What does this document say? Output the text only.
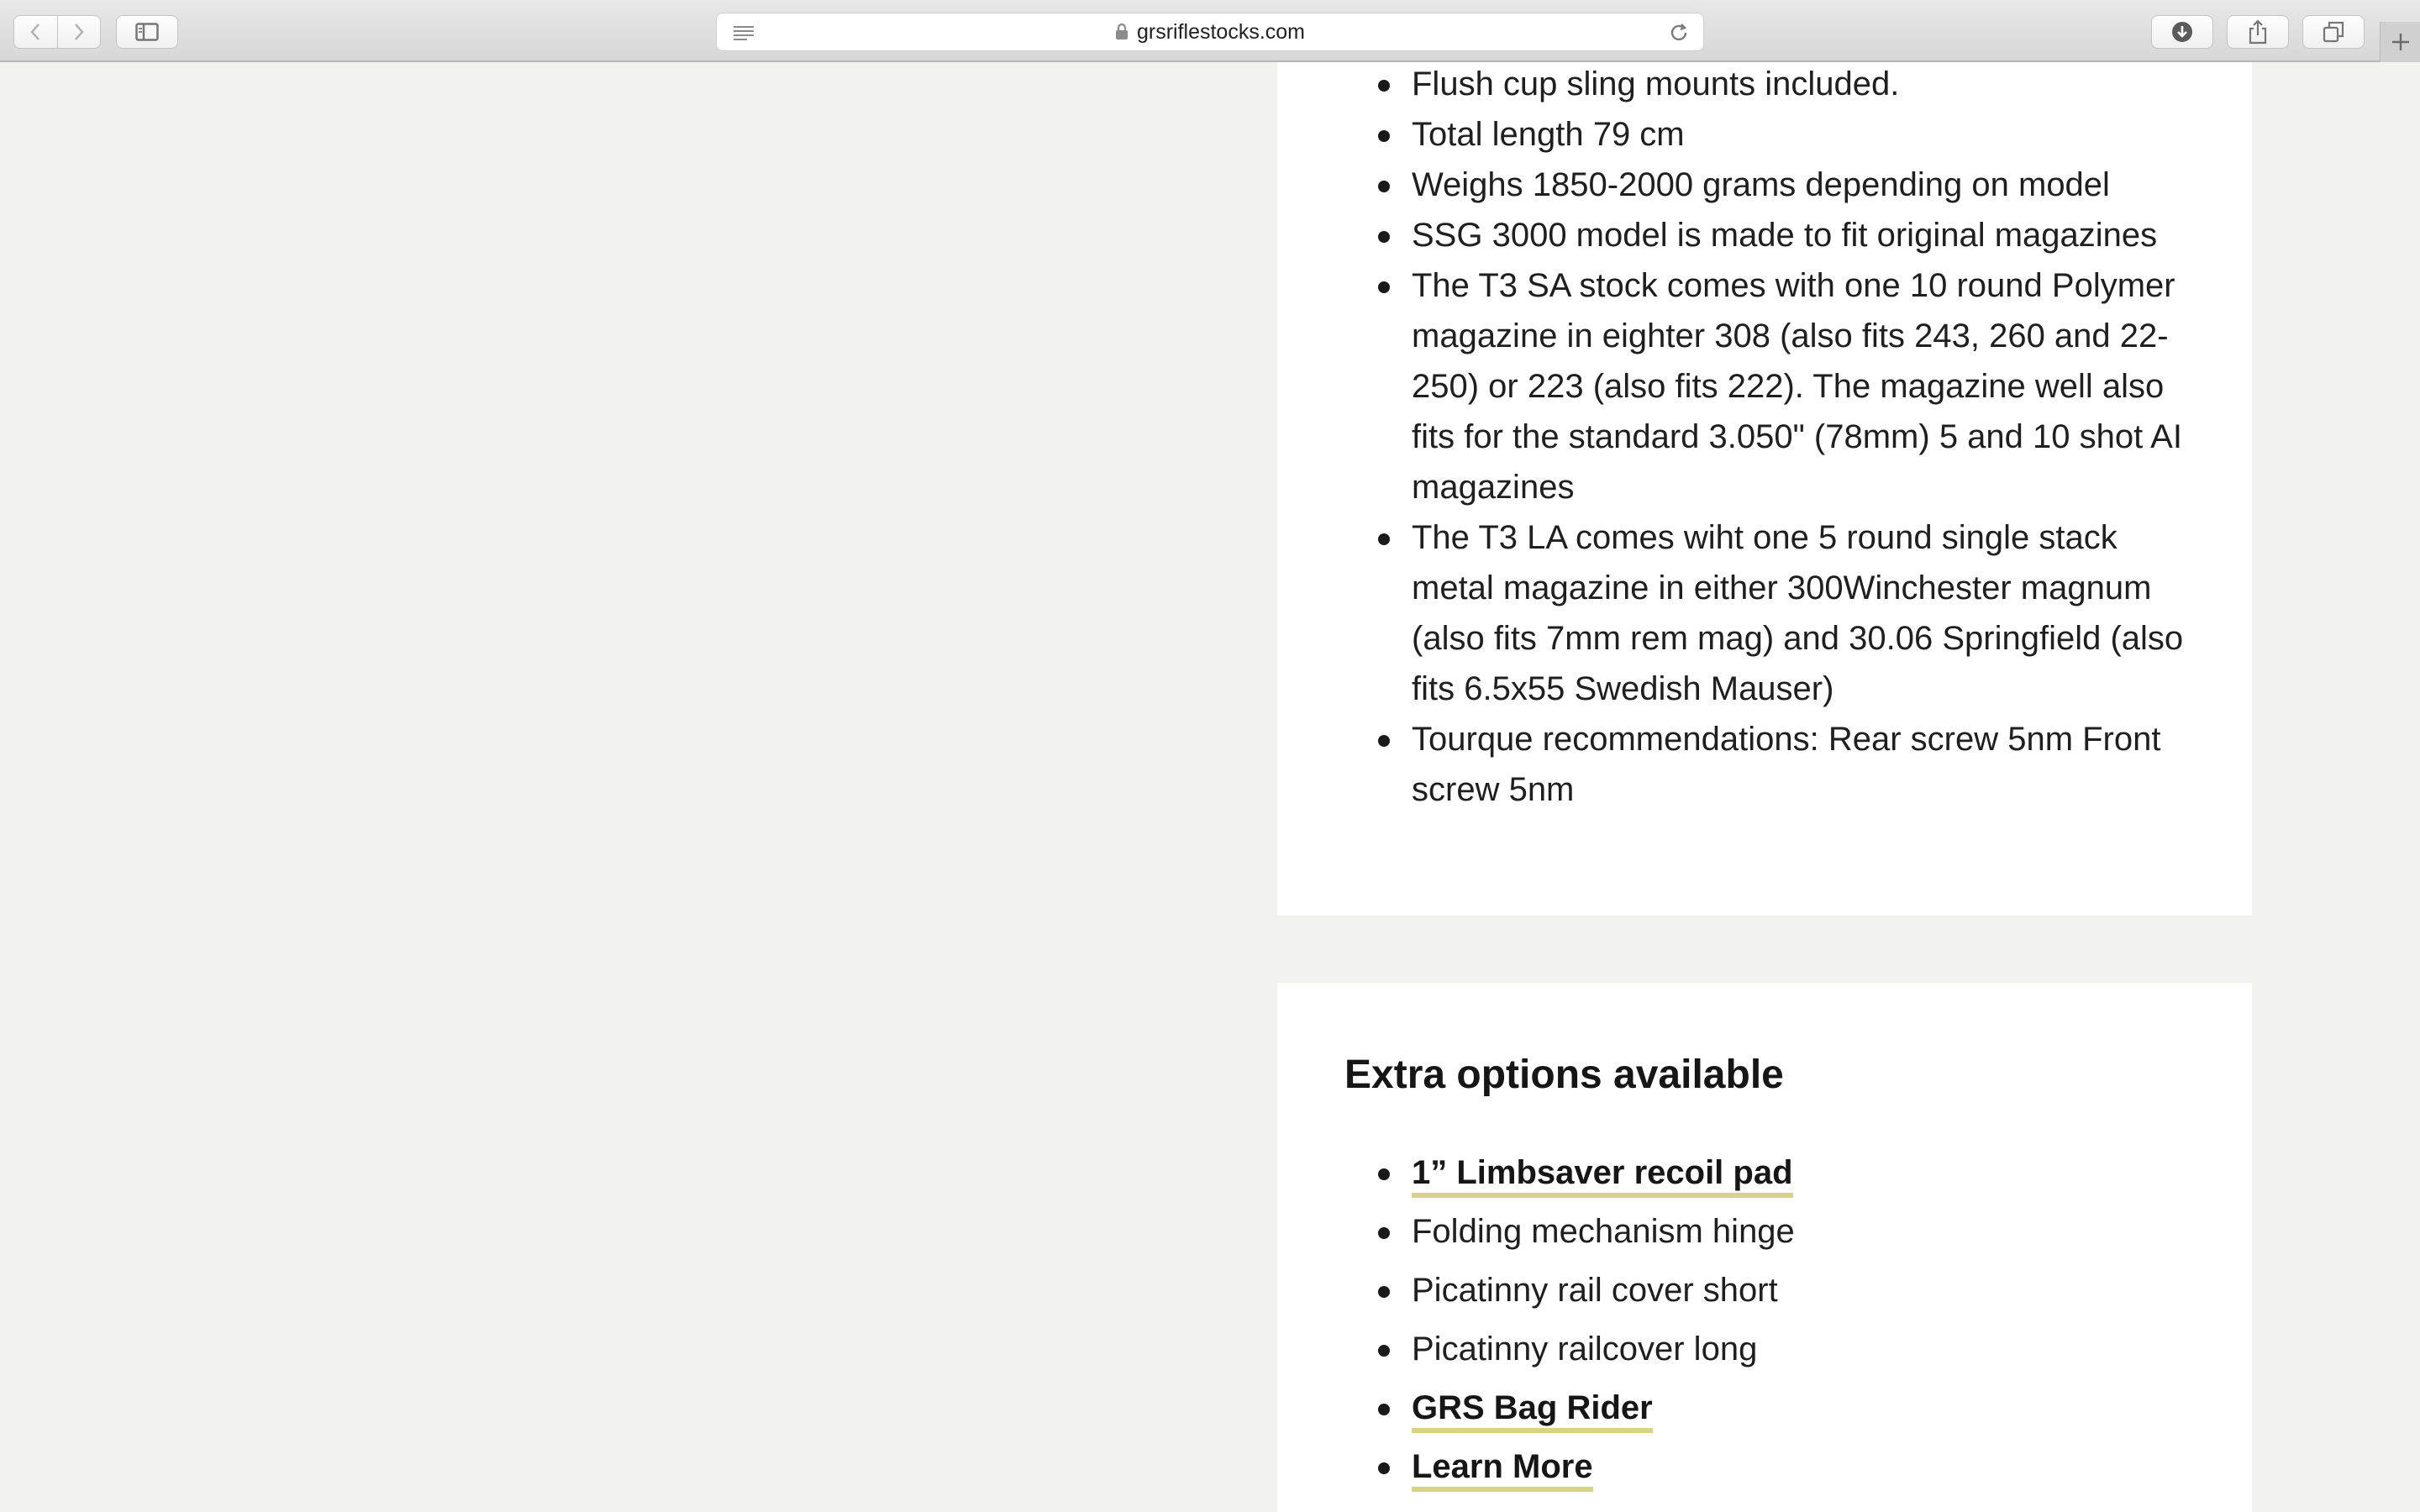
grsriflestocks.com
Flush cup sling mounts included.
Total length 79 cm
Weighs 1850-2000 grams depending on model
SSG 3000 model is made to fit original magazines
The T3 SA stock comes with one 10 round Polymer magazine in eighter 308 (also fits 243, 260 and 22-250) or 223 (also fits 222). The magazine well also fits for the standard 3.050" (78mm) 5 and 10 shot AI magazines
The T3 LA comes wiht one 5 round single stack metal magazine in either 300Winchester magnum (also fits 7mm rem mag) and 30.06 Springfield (also fits 6.5x55 Swedish Mauser)
Tourque recommendations: Rear screw 5nm Front screw 5nm
Extra options available
1” Limbsaver recoil pad
Folding mechanism hinge
Picatinny rail cover short
Picatinny railcover long
GRS Bag Rider
Learn More
